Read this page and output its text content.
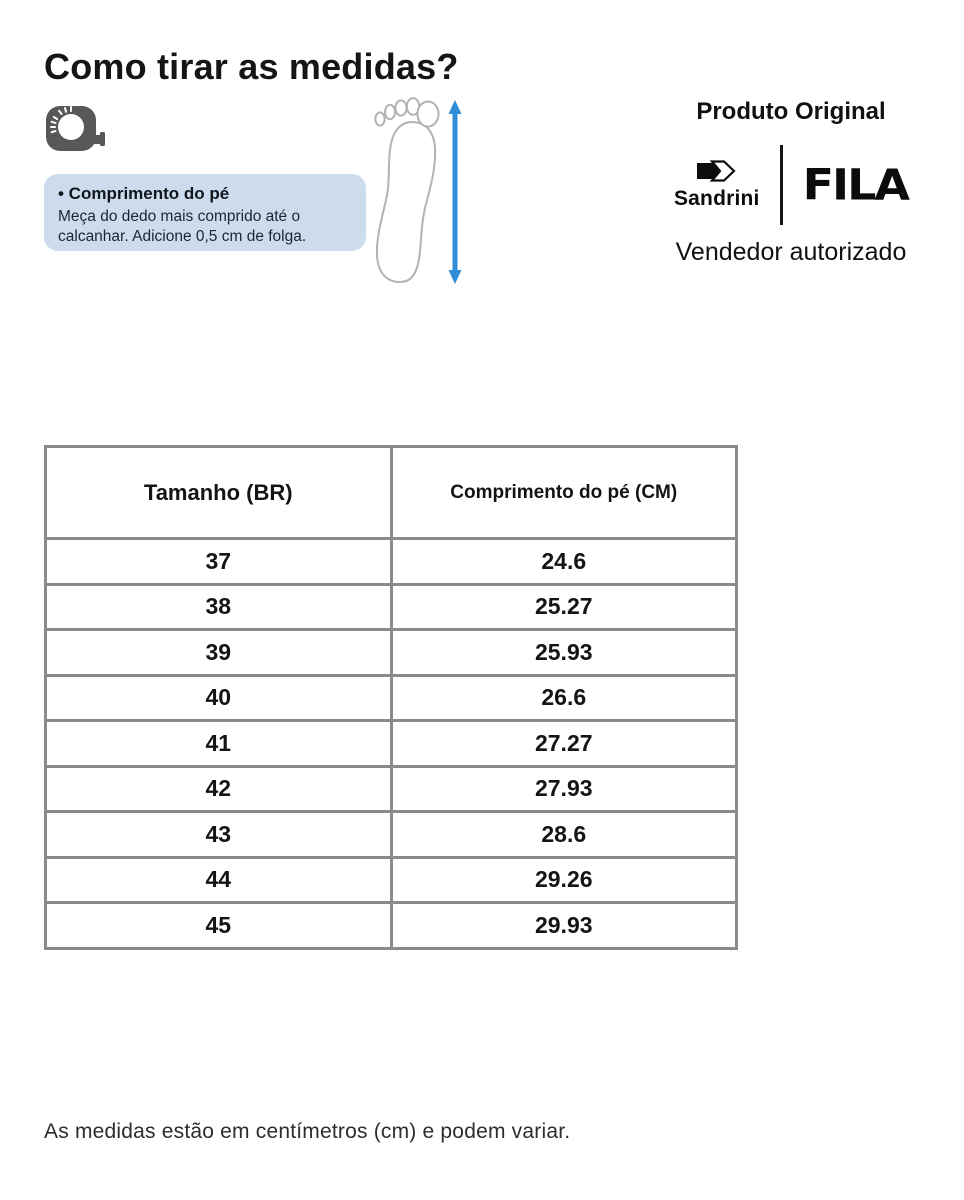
Como tirar as medidas?
• Comprimento do pé
Meça do dedo mais comprido até o calcanhar. Adicione 0,5 cm de folga.
Produto Original
Sandrini FILA
Vendedor autorizado
Tamanho (BR)	Comprimento do pé (CM)
37	24.6
38	25.27
39	25.93
40	26.6
41	27.27
42	27.93
43	28.6
44	29.26
45	29.93

As medidas estão em centímetros (cm) e podem variar.
